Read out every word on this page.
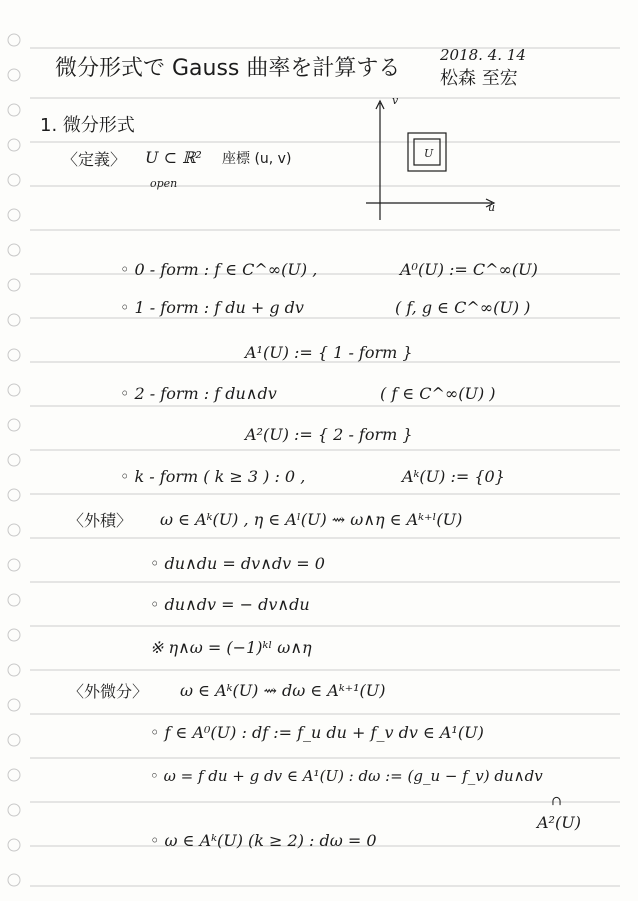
微分形式で Gauss 曲率を計算する
2018. 4. 14
松森 至宏
1. 微分形式
〈定義〉 U ⊂ ℝ² 座標 (u, v)
open
v
u
U
◦ 0 - form : f ∈ C^∞(U) ,	A⁰(U) := C^∞(U)
◦ 1 - form : f du + g dv	( f, g ∈ C^∞(U) )
A¹(U) := { 1 - form }
◦ 2 - form : f du∧dv	( f ∈ C^∞(U) )
A²(U) := { 2 - form }
◦ k - form ( k ≥ 3 ) : 0 ,	Aᵏ(U) := {0}
〈外積〉 ω ∈ Aᵏ(U) , η ∈ Aˡ(U) ⇝ ω∧η ∈ Aᵏ⁺ˡ(U)
◦ du∧du = dv∧dv = 0
◦ du∧dv = − dv∧du
※ η∧ω = (−1)ᵏˡ ω∧η
〈外微分〉 ω ∈ Aᵏ(U) ⇝ dω ∈ Aᵏ⁺¹(U)
◦ f ∈ A⁰(U) : df := f_u du + f_v dv ∈ A¹(U)
◦ ω = f du + g dv ∈ A¹(U) : dω := (g_u − f_v) du∧dv
∩
A²(U)
◦ ω ∈ Aᵏ(U) (k ≥ 2) : dω = 0
